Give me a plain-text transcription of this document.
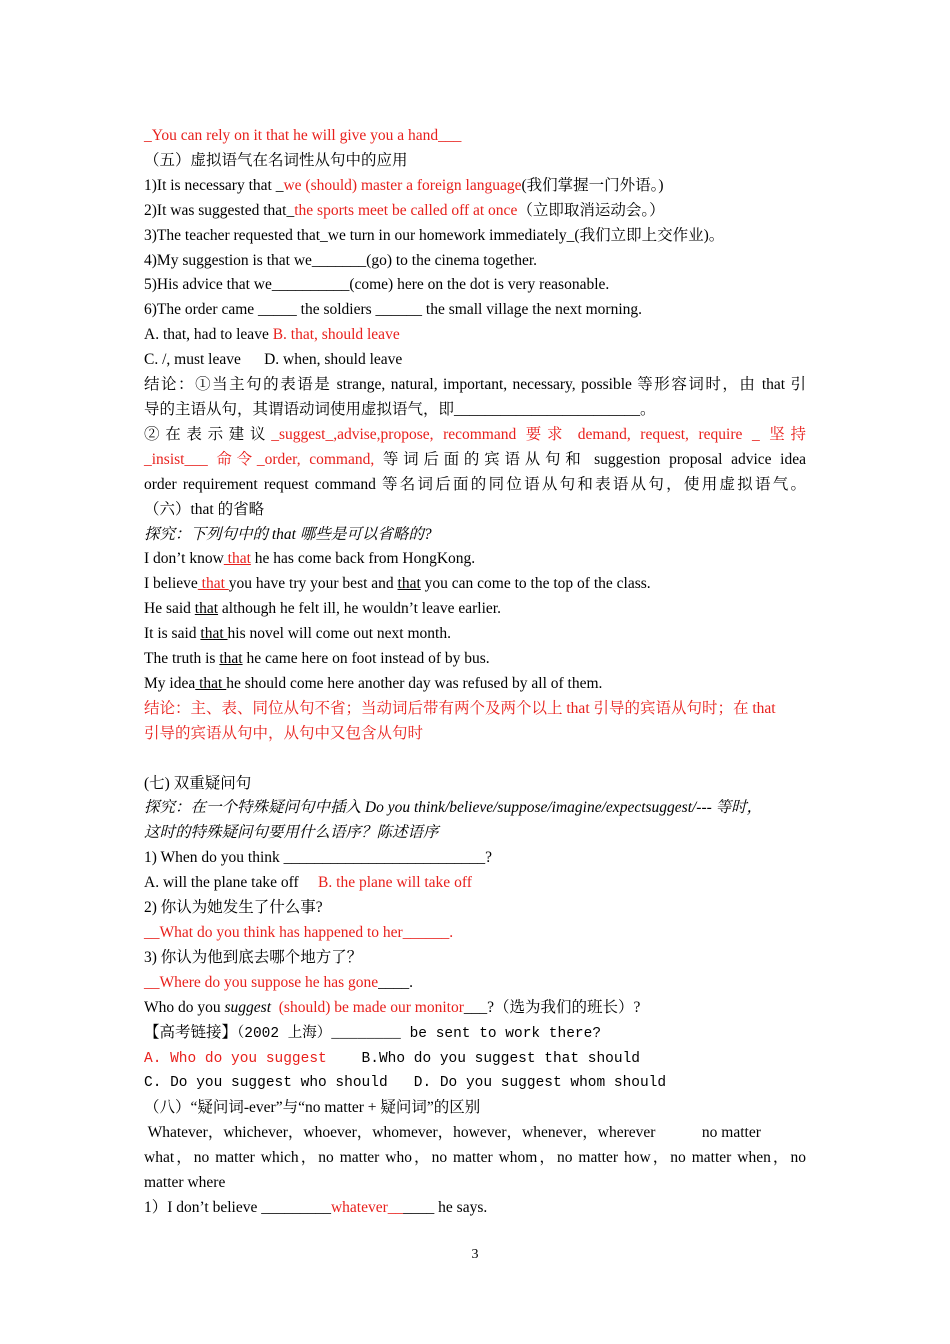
_You can rely on it that he will give you a hand___
（五）虚拟语气在名词性从句中的应用
1)It is necessary that _we (should) master a foreign language(我们掌握一门外语。)
2)It was suggested that_the sports meet be called off at once（立即取消运动会。）
3)The teacher requested that_we turn in our homework immediately_(我们立即上交作业)。
4)My suggestion is that we_______(go) to the cinema together.
5)His advice that we__________(come) here on the dot is very reasonable.
6)The order came _____ the soldiers ______ the small village the next morning.
A. that, had to leave B. that, should leave
C. /, must leave      D. when, should leave
结论：①当主句的表语是 strange, natural, important, necessary, possible 等形容词时，由 that 引
导的主语从句，其谓语动词使用虚拟语气，即________________________。
②在表示建议_suggest_,advise,propose, recommand 要求 demand, request, require _ 坚持
_insist___ 命令_order, command, 等词后面的宾语从句和 suggestion proposal advice idea
order requirement request command 等名词后面的同位语从句和表语从句，使用虚拟语气。
（六）that 的省略
探究：下列句中的 that 哪些是可以省略的?
I don’t know that he has come back from HongKong.
I believe that you have try your best and that you can come to the top of the class.
He said that although he felt ill, he wouldn’t leave earlier.
It is said that his novel will come out next month.
The truth is that he came here on foot instead of by bus.
My idea that he should come here another day was refused by all of them.
结论：主、表、同位从句不省；当动词后带有两个及两个以上 that 引导的宾语从句时；在 that
引导的宾语从句中，从句中又包含从句时
(七) 双重疑问句
探究：在一个特殊疑问句中插入 Do you think/believe/suppose/imagine/expectsuggest/--- 等时，
这时的特殊疑问句要用什么语序？陈述语序
1) When do you think __________________________?
A. will the plane take off     B. the plane will take off
2) 你认为她发生了什么事?
__What do you think has happened to her______.
3) 你认为他到底去哪个地方了？
__Where do you suppose he has gone____.
Who do you suggest  (should) be made our monitor___?（选为我们的班长）?
【高考链接】（2002 上海）________ be sent to work there?
A. Who do you suggest    B.Who do you suggest that should
C. Do you suggest who should   D. Do you suggest whom should
（八）“疑问词-ever”与“no matter + 疑问词”的区别
Whatever，whichever，whoever，whomever，however，whenever，wherever            no matter
what，no matter which，no matter who，no matter whom，no matter how，no matter when，no
matter where
1）I don’t believe _________whatever______ he says.
3
